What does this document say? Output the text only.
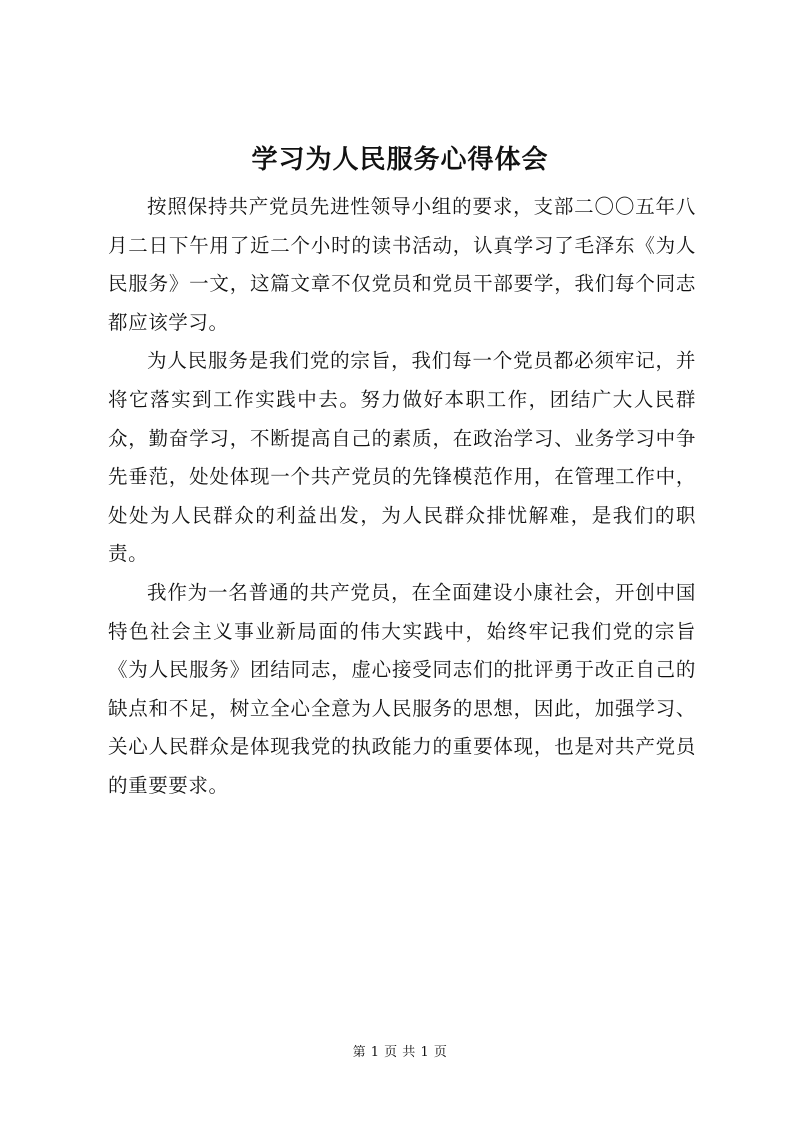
学习为人民服务心得体会

按照保持共产党员先进性领导小组的要求，支部二〇〇五年八月二日下午用了近二个小时的读书活动，认真学习了毛泽东《为人民服务》一文，这篇文章不仅党员和党员干部要学，我们每个同志都应该学习。

为人民服务是我们党的宗旨，我们每一个党员都必须牢记，并将它落实到工作实践中去。努力做好本职工作，团结广大人民群众，勤奋学习，不断提高自己的素质，在政治学习、业务学习中争先垂范，处处体现一个共产党员的先锋模范作用，在管理工作中，处处为人民群众的利益出发，为人民群众排忧解难，是我们的职责。

我作为一名普通的共产党员，在全面建设小康社会，开创中国特色社会主义事业新局面的伟大实践中，始终牢记我们党的宗旨《为人民服务》团结同志，虚心接受同志们的批评勇于改正自己的缺点和不足，树立全心全意为人民服务的思想，因此，加强学习、关心人民群众是体现我党的执政能力的重要体现，也是对共产党员的重要要求。

第 1 页 共 1 页
